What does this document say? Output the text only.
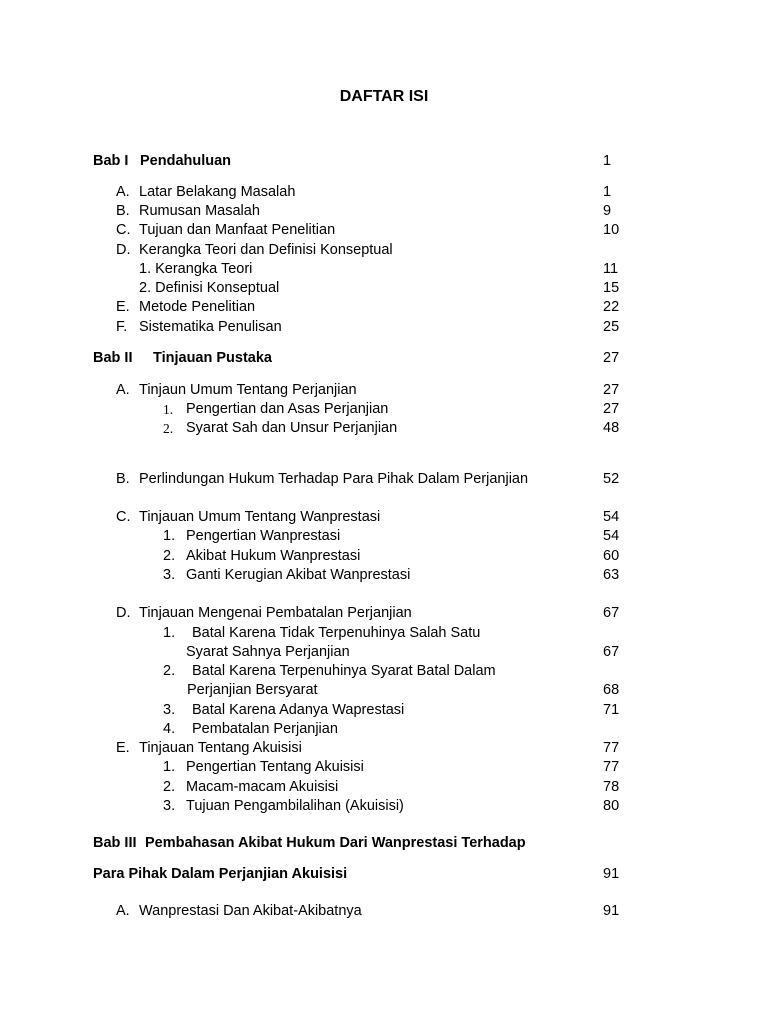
DAFTAR ISI
Bab I Pendahuluan	1
A. Latar Belakang Masalah	1
B. Rumusan Masalah	9
C. Tujuan dan Manfaat Penelitian	10
D. Kerangka Teori dan Definisi Konseptual
1. Kerangka Teori	11
2. Definisi Konseptual	15
E. Metode Penelitian	22
F. Sistematika Penulisan	25
Bab II Tinjauan Pustaka	27
A. Tinjaun Umum Tentang Perjanjian	27
1. Pengertian dan Asas Perjanjian	27
2. Syarat Sah dan Unsur Perjanjian	48
B. Perlindungan Hukum Terhadap Para Pihak Dalam Perjanjian	52
C. Tinjauan Umum Tentang Wanprestasi	54
1. Pengertian Wanprestasi	54
2. Akibat Hukum Wanprestasi	60
3. Ganti Kerugian Akibat Wanprestasi	63
D. Tinjauan Mengenai Pembatalan Perjanjian	67
1. Batal Karena Tidak Terpenuhinya Salah Satu
Syarat Sahnya Perjanjian	67
2. Batal Karena Terpenuhinya Syarat Batal Dalam
Perjanjian Bersyarat	68
3. Batal Karena Adanya Waprestasi	71
4. Pembatalan Perjanjian
E. Tinjauan Tentang Akuisisi	77
1. Pengertian Tentang Akuisisi	77
2. Macam-macam Akuisisi	78
3. Tujuan Pengambilalihan (Akuisisi)	80
Bab III Pembahasan Akibat Hukum Dari Wanprestasi Terhadap
Para Pihak Dalam Perjanjian Akuisisi	91
A. Wanprestasi Dan Akibat-Akibatnya	91
